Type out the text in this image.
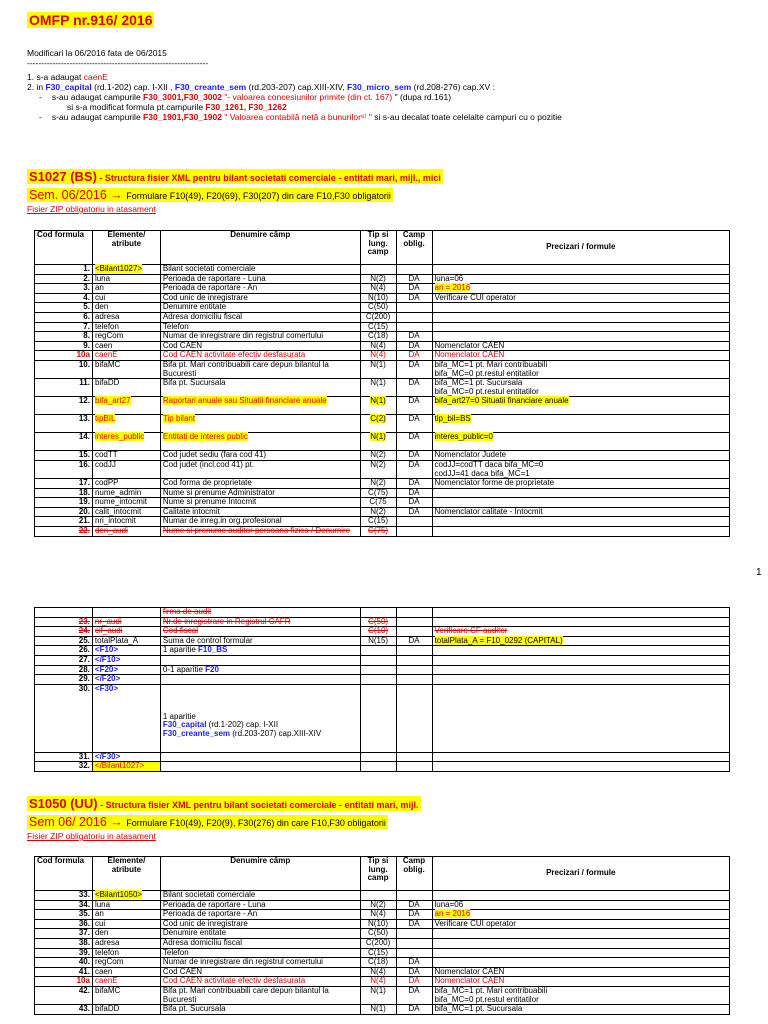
OMFP nr.916/ 2016
Modificari la 06/2016 fata de 06/2015
----------------------------------------------------------------
1. s-a adaugat caenE
2. in F30_capital (rd.1-202) cap. I-XII , F30_creante_sem (rd.203-207) cap.XIII-XIV, F30_micro_sem (rd.208-276) cap.XV :
- s-au adaugat campurile F30_3001,F30_3002 "- valoarea concesiunilor primite (din ct. 167) " (dupa rd.161)
si s-a modificat formula pt.campurile F30_1261, F30_1262
- s-au adaugat campurile F30_1901,F30_1902 " Valoarea contabilă netă a bunurilor⁶⁾ " si s-au decalat toate celelalte campuri cu o pozitie
S1027 (BS) - Structura fisier XML pentru bilant societati comerciale - entitati mari, mijl., mici Sem. 06/2016 → Formulare F10(49), F20(69), F30(207) din care F10,F30 obligatorii
Fisier ZIP obligatoriu in atasament
Cod formula	Elemente/ atribute	Denumire câmp	Tip si lung. camp	Camp oblig.	Precizari / formule
1.	<Bilant1027>	Bilant societati comerciale			
2.	luna	Perioada de raportare - Luna	N(2)	DA	luna=06
3.	an	Perioada de raportare - An	N(4)	DA	an = 2016
4.	cui	Cod unic de inregistrare	N(10)	DA	Verificare CUI operator
5.	den	Denumire entitate	C(50)		
6.	adresa	Adresa domiciliu fiscal	C(200)		
7.	telefon	Telefon	C(15)		
8.	regCom	Numar de inregistrare din registrul comertului	C(18)	DA	
9.	caen	Cod CAEN	N(4)	DA	Nomenclator CAEN
10a	caenE	Cod CAEN activitate efectiv desfasurata	N(4)	DA	Nomenclator CAEN
10.	bifaMC	Bifa pt. Mari contribuabili care depun bilantul la Bucuresti	N(1)	DA	bifa_MC=1 pt. Mari contribuabili
bifa_MC=0 pt.restul entitatilor
11.	bifaDD	Bifa pt. Sucursala	N(1)	DA	bifa_MC=1 pt. Sucursala
bifa_MC=0 pt.restul entitatilor
12.	bifa_art27	Raportari anuale sau Situatii financiare anuale	N(1)	DA	bifa_art27=0 Situatii financiare anuale
13.	tipBIL	Tip bilant	C(2)	DA	tip_bil=BS
14.	interes_public	Entitati de interes public	N(1)	DA	interes_public=0
15.	codTT	Cod judet sediu (fara cod 41)	N(2)	DA	Nomenclator Judete
16.	codJJ	Cod judet (incl.cod 41) pt.	N(2)	DA	codJJ=codTT daca bifa_MC=0
codJJ=41 daca bifa_MC=1
17.	codPP	Cod forma de proprietate	N(2)	DA	Nomenclator forme de proprietate
18.	nume_admin	Nume si prenume Administrator	C(75)	DA	
19.	nume_intocmit	Nume si prenume Intocmit	C(75	DA	
20.	calit_intocmit	Calitate intocmit	N(2)	DA	Nomenclator calitate - Intocmit
21.	nri_intocmit	Numar de inreg.in org.profesional	C(15)		
22.	den_audi	Nume si prenume auditor persoana fizica / Denumire	C(75)		
1
		firma de audit			
23.	nr_audi	Nr.de inregistrare in Registrul CAFR	C(50)		
24.	cif_audi	Cod fiscal	C(10)		Verificare CF auditor
25.	totalPlata_A	Suma de control formular	N(15)	DA	totalPlata_A = F10_0292 (CAPITAL)
26.	<F10>	1 aparitie F10_BS			
27.	</F10>				
28.	<F20>	0-1 aparitie F20			
29.	</F20>				
30.	<F30>	1 aparitie
F30_capital (rd.1-202) cap. I-XII
F30_creante_sem (rd.203-207) cap.XIII-XIV			

31.	</F30>				
32.	</Bilant1027>				
S1050 (UU) - Structura fisier XML pentru bilant societati comerciale - entitati mari, mijl. Sem 06/ 2016 → Formulare F10(49), F20(9), F30(276) din care F10,F30 obligatorii
Fisier ZIP obligatoriu in atasament
Cod formula	Elemente/ atribute	Denumire câmp	Tip si lung. camp	Camp oblig.	Precizari / formule
33.	<Bilant1050>	Bilant societati comerciale			
34.	luna	Perioada de raportare - Luna	N(2)	DA	luna=06
35.	an	Perioada de raportare - An	N(4)	DA	an = 2016
36.	cui	Cod unic de inregistrare	N(10)	DA	Verificare CUI operator
37.	den	Denumire entitate	C(50)		
38.	adresa	Adresa domiciliu fiscal	C(200)		
39.	telefon	Telefon	C(15)		
40.	regCom	Numar de inregistrare din registrul comertului	C(18)	DA	
41.	caen	Cod CAEN	N(4)	DA	Nomenclator CAEN
10a	caenE	Cod CAEN activitate efectiv desfasurata	N(4)	DA	Nomenclator CAEN
42.	bifaMC	Bifa pt. Mari contribuabili care depun bilantul la Bucuresti	N(1)	DA	bifa_MC=1 pt. Mari contribuabili
bifa_MC=0 pt.restul entitatilor
43.	bifaDD	Bifa pt. Sucursala	N(1)	DA	bifa_MC=1 pt. Sucursala
